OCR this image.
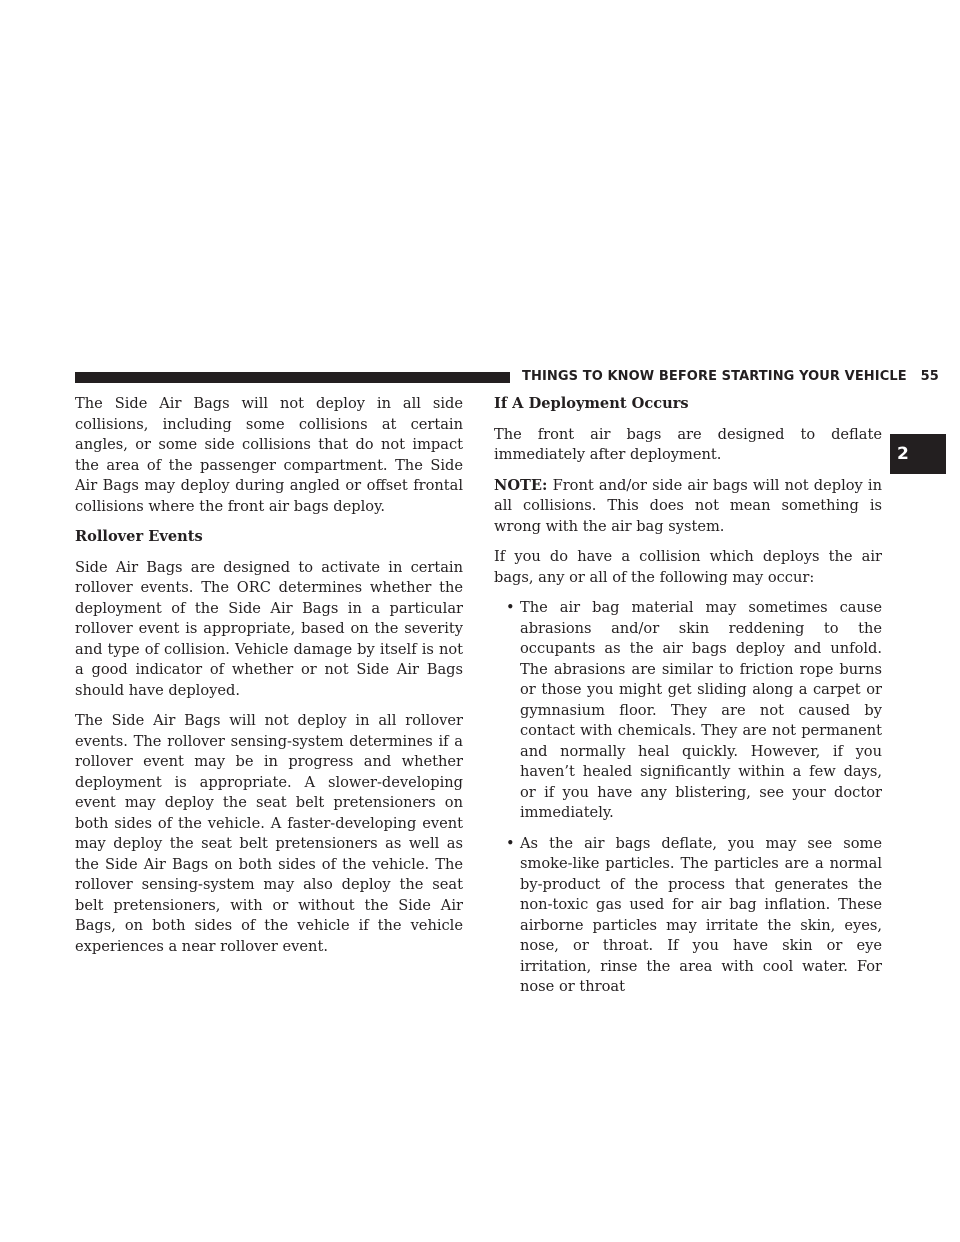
THINGS TO KNOW BEFORE STARTING YOUR VEHICLE 55
2

The Side Air Bags will not deploy in all side collisions, including some collisions at certain angles, or some side collisions that do not impact the area of the passenger compartment. The Side Air Bags may deploy during angled or offset frontal collisions where the front air bags deploy.

Rollover Events

Side Air Bags are designed to activate in certain rollover events. The ORC determines whether the deployment of the Side Air Bags in a particular rollover event is appropriate, based on the severity and type of collision. Vehicle damage by itself is not a good indicator of whether or not Side Air Bags should have deployed.

The Side Air Bags will not deploy in all rollover events. The rollover sensing-system determines if a rollover event may be in progress and whether deployment is appropriate. A slower-developing event may deploy the seat belt pretensioners on both sides of the vehicle. A faster-developing event may deploy the seat belt pretensioners as well as the Side Air Bags on both sides of the vehicle. The rollover sensing-system may also deploy the seat belt pretensioners, with or without the Side Air Bags, on both sides of the vehicle if the vehicle experiences a near rollover event.

If A Deployment Occurs

The front air bags are designed to deflate immediately after deployment.

NOTE: Front and/or side air bags will not deploy in all collisions. This does not mean something is wrong with the air bag system.

If you do have a collision which deploys the air bags, any or all of the following may occur:

• The air bag material may sometimes cause abrasions and/or skin reddening to the occupants as the air bags deploy and unfold. The abrasions are similar to friction rope burns or those you might get sliding along a carpet or gymnasium floor. They are not caused by contact with chemicals. They are not permanent and normally heal quickly. However, if you haven’t healed significantly within a few days, or if you have any blistering, see your doctor immediately.
• As the air bags deflate, you may see some smoke-like particles. The particles are a normal by-product of the process that generates the non-toxic gas used for air bag inflation. These airborne particles may irritate the skin, eyes, nose, or throat. If you have skin or eye irritation, rinse the area with cool water. For nose or throat
